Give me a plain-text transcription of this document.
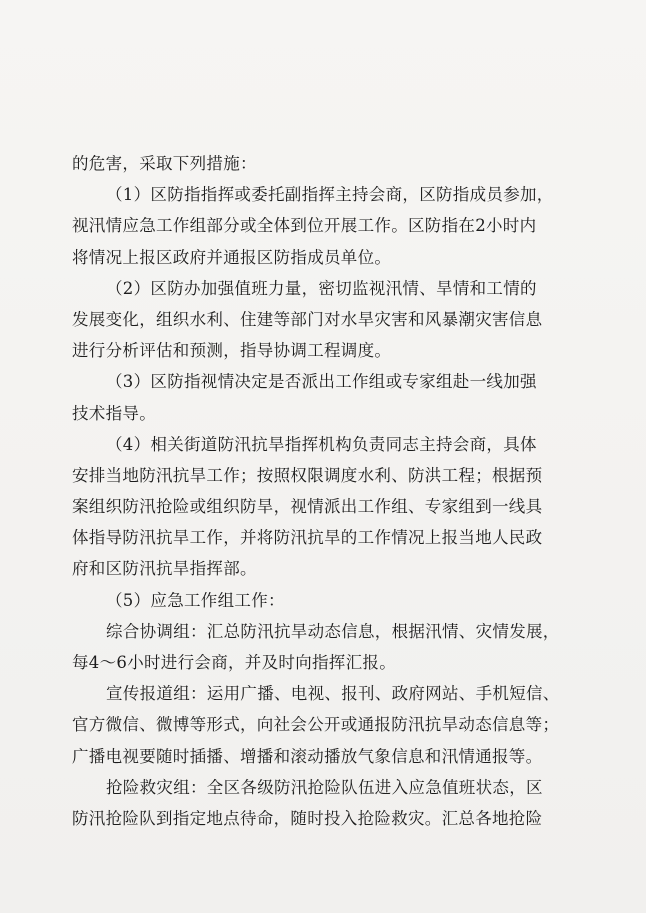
的危害，采取下列措施：
（1）区防指指挥或委托副指挥主持会商，区防指成员参加，
视汛情应急工作组部分或全体到位开展工作。区防指在2小时内
将情况上报区政府并通报区防指成员单位。
（2）区防办加强值班力量，密切监视汛情、旱情和工情的
发展变化，组织水利、住建等部门对水旱灾害和风暴潮灾害信息
进行分析评估和预测，指导协调工程调度。
（3）区防指视情决定是否派出工作组或专家组赴一线加强
技术指导。
（4）相关街道防汛抗旱指挥机构负责同志主持会商，具体
安排当地防汛抗旱工作；按照权限调度水利、防洪工程；根据预
案组织防汛抢险或组织防旱，视情派出工作组、专家组到一线具
体指导防汛抗旱工作，并将防汛抗旱的工作情况上报当地人民政
府和区防汛抗旱指挥部。
（5）应急工作组工作：
综合协调组：汇总防汛抗旱动态信息，根据汛情、灾情发展，
每4～6小时进行会商，并及时向指挥汇报。
宣传报道组：运用广播、电视、报刊、政府网站、手机短信、
官方微信、微博等形式，向社会公开或通报防汛抗旱动态信息等；
广播电视要随时插播、增播和滚动播放气象信息和汛情通报等。
抢险救灾组：全区各级防汛抢险队伍进入应急值班状态，区
防汛抢险队到指定地点待命，随时投入抢险救灾。汇总各地抢险
